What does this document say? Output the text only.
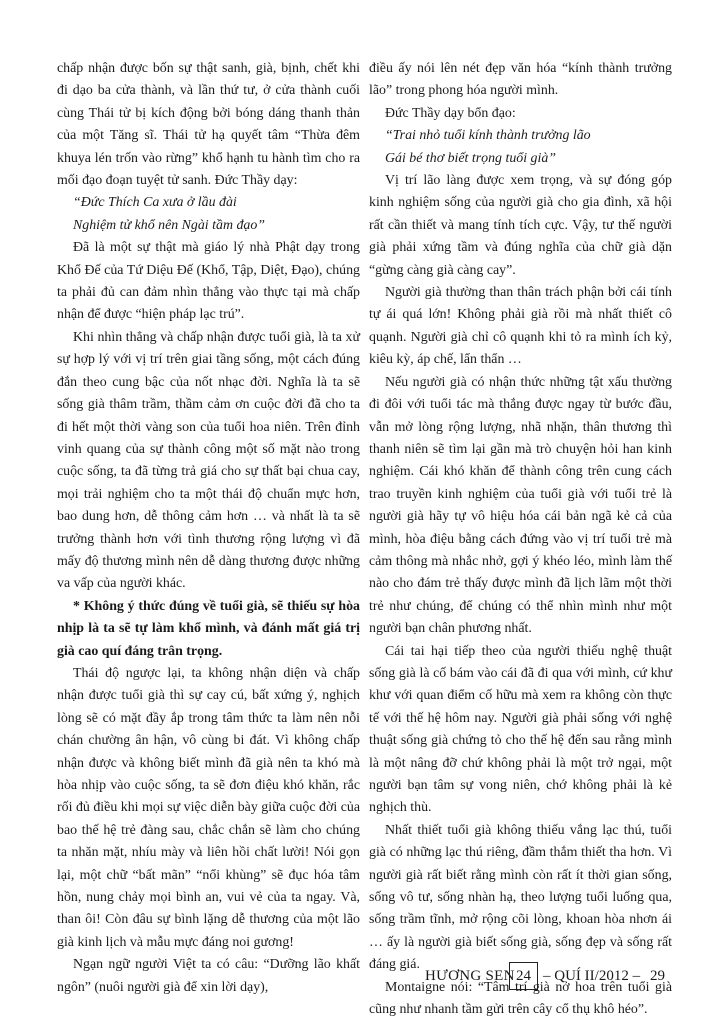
chấp nhận được bốn sự thật sanh, già, bịnh, chết khi đi dạo ba cửa thành, và lần thứ tư, ở cửa thành cuối cùng Thái tử bị kích động bởi bóng dáng thanh thản của một Tăng sĩ. Thái tử hạ quyết tâm “Thừa đêm khuya lén trốn vào rừng” khổ hạnh tu hành tìm cho ra mối đạo đoạn tuyệt tử sanh. Đức Thầy dạy:

“Đức Thích Ca xưa ở lầu đài

Nghiệm tử khổ nên Ngài tầm đạo”

Đã là một sự thật mà giáo lý nhà Phật dạy trong Khổ Đế của Tứ Diệu Đế (Khổ, Tập, Diệt, Đạo), chúng ta phải đủ can đảm nhìn thẳng vào thực tại mà chấp nhận để được “hiện pháp lạc trú”.

Khi nhìn thẳng và chấp nhận được tuổi già, là ta xử sự hợp lý với vị trí trên giai tầng sống, một cách đúng đắn theo cung bậc của nốt nhạc đời. Nghĩa là ta sẽ sống già thâm trầm, thầm cảm ơn cuộc đời đã cho ta đi hết một thời vàng son của tuổi hoa niên. Trên đỉnh vinh quang của sự thành công một số mặt nào trong cuộc sống, ta đã từng trả giá cho sự thất bại chua cay, mọi trải nghiệm cho ta một thái độ chuẩn mực hơn, bao dung hơn, dễ thông cảm hơn … và nhất là ta sẽ trưởng thành hơn với tình thương rộng lượng vì đã mấy độ thương mình nên dễ dàng thương được những va vấp của người khác.

* Không ý thức đúng về tuổi già, sẽ thiếu sự hòa nhịp là ta sẽ tự làm khổ mình, và đánh mất giá trị già cao quí đáng trân trọng.

Thái độ ngược lại, ta không nhận diện và chấp nhận được tuổi già thì sự cay cú, bất xứng ý, nghịch lòng sẽ có mặt đầy ắp trong tâm thức ta làm nên nỗi chán chường ân hận, vô cùng bi đát. Vì không chấp nhận được và không biết mình đã già nên ta khó mà hòa nhịp vào cuộc sống, ta sẽ đơn điệu khó khăn, rắc rối đủ điều khi mọi sự việc diễn bày giữa cuộc đời của bao thế hệ trẻ đàng sau, chắc chắn sẽ làm cho chúng ta nhăn mặt, nhíu mày và liên hồi chất lười! Nói gọn lại, một chữ “bất mãn” “nổi khùng” sẽ đục hóa tâm hồn, nung chảy mọi bình an, vui vẻ của ta ngay. Và, than ôi! Còn đâu sự bình lặng dễ thương của một lão già kinh lịch và mẫu mực đáng noi gương!

Ngạn ngữ người Việt ta có câu: “Dưỡng lão khất ngôn” (nuôi người già để xin lời dạy),

điều ấy nói lên nét đẹp văn hóa “kính thành trưởng lão” trong phong hóa người mình.

Đức Thầy dạy bổn đạo:

“Trai nhỏ tuổi kính thành trưởng lão

Gái bé thơ biết trọng tuổi già”

Vị trí lão làng được xem trọng, và sự đóng góp kinh nghiệm sống của người già cho gia đình, xã hội rất cần thiết và mang tính tích cực. Vậy, tư thế người già phải xứng tầm và đúng nghĩa của chữ già dặn “gừng càng già càng cay”.

Người già thường than thân trách phận bởi cái tính tự ái quá lớn! Không phải già rồi mà nhất thiết cô quạnh. Người già chỉ cô quạnh khi tỏ ra mình ích kỷ, kiêu kỳ, áp chế, lẩn thẩn …

Nếu người già có nhận thức những tật xấu thường đi đôi với tuổi tác mà thắng được ngay từ bước đầu, vẫn mở lòng rộng lượng, nhã nhặn, thân thương thì thanh niên sẽ tìm lại gần mà trò chuyện hỏi han kinh nghiệm. Cái khó khăn để thành công trên cung cách trao truyền kinh nghiệm của tuổi già với tuổi trẻ là người già hãy tự vô hiệu hóa cái bản ngã kẻ cả của mình, hòa điệu bằng cách đứng vào vị trí tuổi trẻ mà cảm thông mà nhắc nhở, gợi ý khéo léo, mình làm thế nào cho đám trẻ thấy được mình đã lịch lãm một thời trẻ như chúng, để chúng có thể nhìn mình như một người bạn chân phương nhất.

Cái tai hại tiếp theo của người thiếu nghệ thuật sống già là cố bám vào cái đã đi qua với mình, cứ khư khư với quan điểm cố hữu mà xem ra không còn thực tế với thế hệ hôm nay. Người già phải sống với nghệ thuật sống già chứng tỏ cho thế hệ đến sau rằng mình là một nâng đỡ chứ không phải là một trở ngại, một người bạn tâm sự vong niên, chớ không phải là kẻ nghịch thù.

Nhất thiết tuổi già không thiếu vắng lạc thú, tuổi già có những lạc thú riêng, đầm thắm thiết tha hơn. Vì người già rất biết rằng mình còn rất ít thời gian sống, sống vô tư, sống nhàn hạ, theo lượng tuổi luống qua, sống trầm tĩnh, mở rộng cõi lòng, khoan hòa nhơn ái … ấy là người già biết sống già, sống đẹp và sống rất đáng giá.

Montaigne nói: “Tâm trí già nở hoa trên tuổi già cũng như nhanh tầm gửi trên cây cổ thụ khô héo”.

HƯƠNG SEN 24 – QUÍ II/2012 – 29
